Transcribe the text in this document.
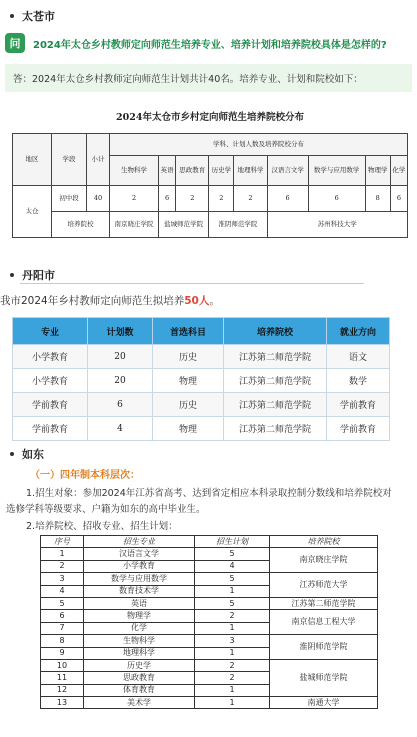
太苍市
问	2024年太仓乡村教师定向师范生培养专业、培养计划和培养院校具体是怎样的?
答：2024年太仓乡村教师定向师范生计划共计40名。培养专业、计划和院校如下：
2024年太仓市乡村定向师范生培养院校分布
地区	学段	小计	学科、计划人数及培养院校分布								
			生物科学	英语	思政教育	历史学	地理科学	汉语言文学	数学与应用数学	物理学	化学
太仓	初中段	40	2	6	2	2	2	6	6	8	6
	培养院校		南京晓庄学院	盐城师范学院		淮阴师范学院		苏州科技大学			
丹阳市
我市2024年乡村教师定向师范生拟培养50人。
专业	计划数	首选科目	培养院校	就业方向
小学教育	20	历史	江苏第二师范学院	语文
小学教育	20	物理	江苏第二师范学院	数学
学前教育	6	历史	江苏第二师范学院	学前教育
学前教育	4	物理	江苏第二师范学院	学前教育
如东
（一）四年制本科层次：
1.招生对象：参加2024年江苏省高考、达到省定相应本科录取控制分数线和培养院校对
选修学科等级要求、户籍为如东的高中毕业生。
2.培养院校、招收专业、招生计划：
序号	招生专业	招生计划	培养院校
1	汉语言文学	5	南京晓庄学院
2	小学教育	4	
3	数学与应用数学	5	江苏师范大学
4	数育技术学	1	
5	英语	5	江苏第二师范学院
6	物理学	2	南京信息工程大学
7	化学	1	
8	生物科学	3	淮阴师范学院
9	地理科学	1	
10	历史学	2	盐城师范学院
11	思政教育	2	
12	体育教育	1	
13	美术学	1	南通大学
